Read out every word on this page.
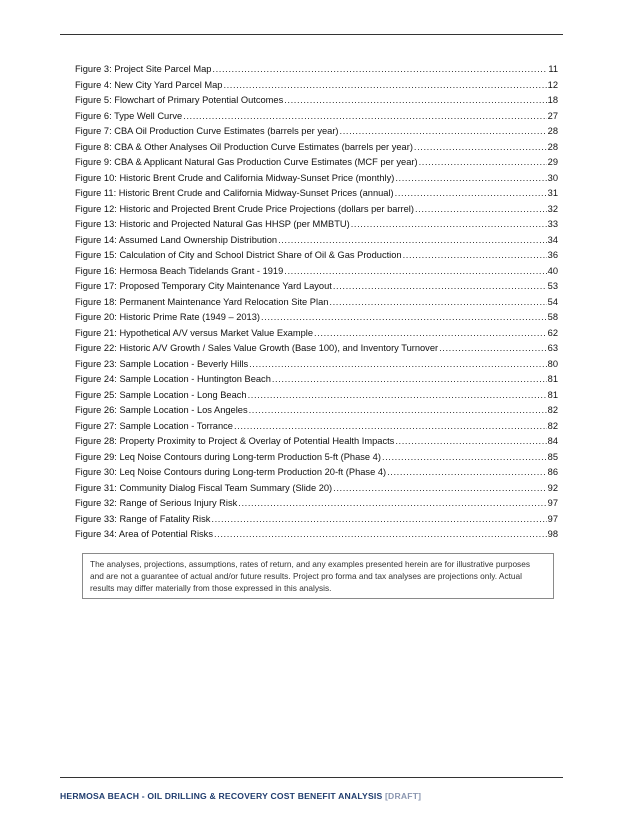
Figure 3: Project Site Parcel Map .....	11
Figure 4: New City Yard Parcel Map .....	12
Figure 5: Flowchart of Primary Potential Outcomes .....	18
Figure 6: Type Well Curve .....	27
Figure 7: CBA Oil Production Curve Estimates (barrels per year) .....	28
Figure 8: CBA & Other Analyses Oil Production Curve Estimates (barrels per year) .....	28
Figure 9: CBA & Applicant Natural Gas Production Curve Estimates (MCF per year) .....	29
Figure 10: Historic Brent Crude and California Midway-Sunset Price (monthly) .....	30
Figure 11: Historic Brent Crude and California Midway-Sunset Prices (annual) .....	31
Figure 12: Historic and Projected Brent Crude Price Projections (dollars per barrel) .....	32
Figure 13: Historic and Projected Natural Gas HHSP (per MMBTU) .....	33
Figure 14: Assumed Land Ownership Distribution .....	34
Figure 15: Calculation of City and School District Share of Oil & Gas Production .....	36
Figure 16: Hermosa Beach Tidelands Grant - 1919 .....	40
Figure 17: Proposed Temporary City Maintenance Yard Layout .....	53
Figure 18: Permanent Maintenance Yard Relocation Site Plan .....	54
Figure 20: Historic Prime Rate (1949 – 2013) .....	58
Figure 21: Hypothetical A/V versus Market Value Example .....	62
Figure 22: Historic A/V Growth / Sales Value Growth (Base 100), and Inventory Turnover .....	63
Figure 23: Sample Location - Beverly Hills .....	80
Figure 24: Sample Location - Huntington Beach .....	81
Figure 25: Sample Location - Long Beach .....	81
Figure 26: Sample Location - Los Angeles .....	82
Figure 27: Sample Location - Torrance .....	82
Figure 28: Property Proximity to Project & Overlay of Potential Health Impacts .....	84
Figure 29: Leq Noise Contours during Long-term Production 5-ft (Phase 4) .....	85
Figure 30: Leq Noise Contours during Long-term Production 20-ft (Phase 4) .....	86
Figure 31: Community Dialog Fiscal Team Summary (Slide 20) .....	92
Figure 32: Range of Serious Injury Risk .....	97
Figure 33: Range of Fatality Risk .....	97
Figure 34: Area of Potential Risks .....	98
The analyses, projections, assumptions, rates of return, and any examples presented herein are for illustrative purposes and are not a guarantee of actual and/or future results. Project pro forma and tax analyses are projections only. Actual results may differ materially from those expressed in this analysis.
HERMOSA BEACH - OIL DRILLING & RECOVERY COST BENEFIT ANALYSIS [DRAFT]
